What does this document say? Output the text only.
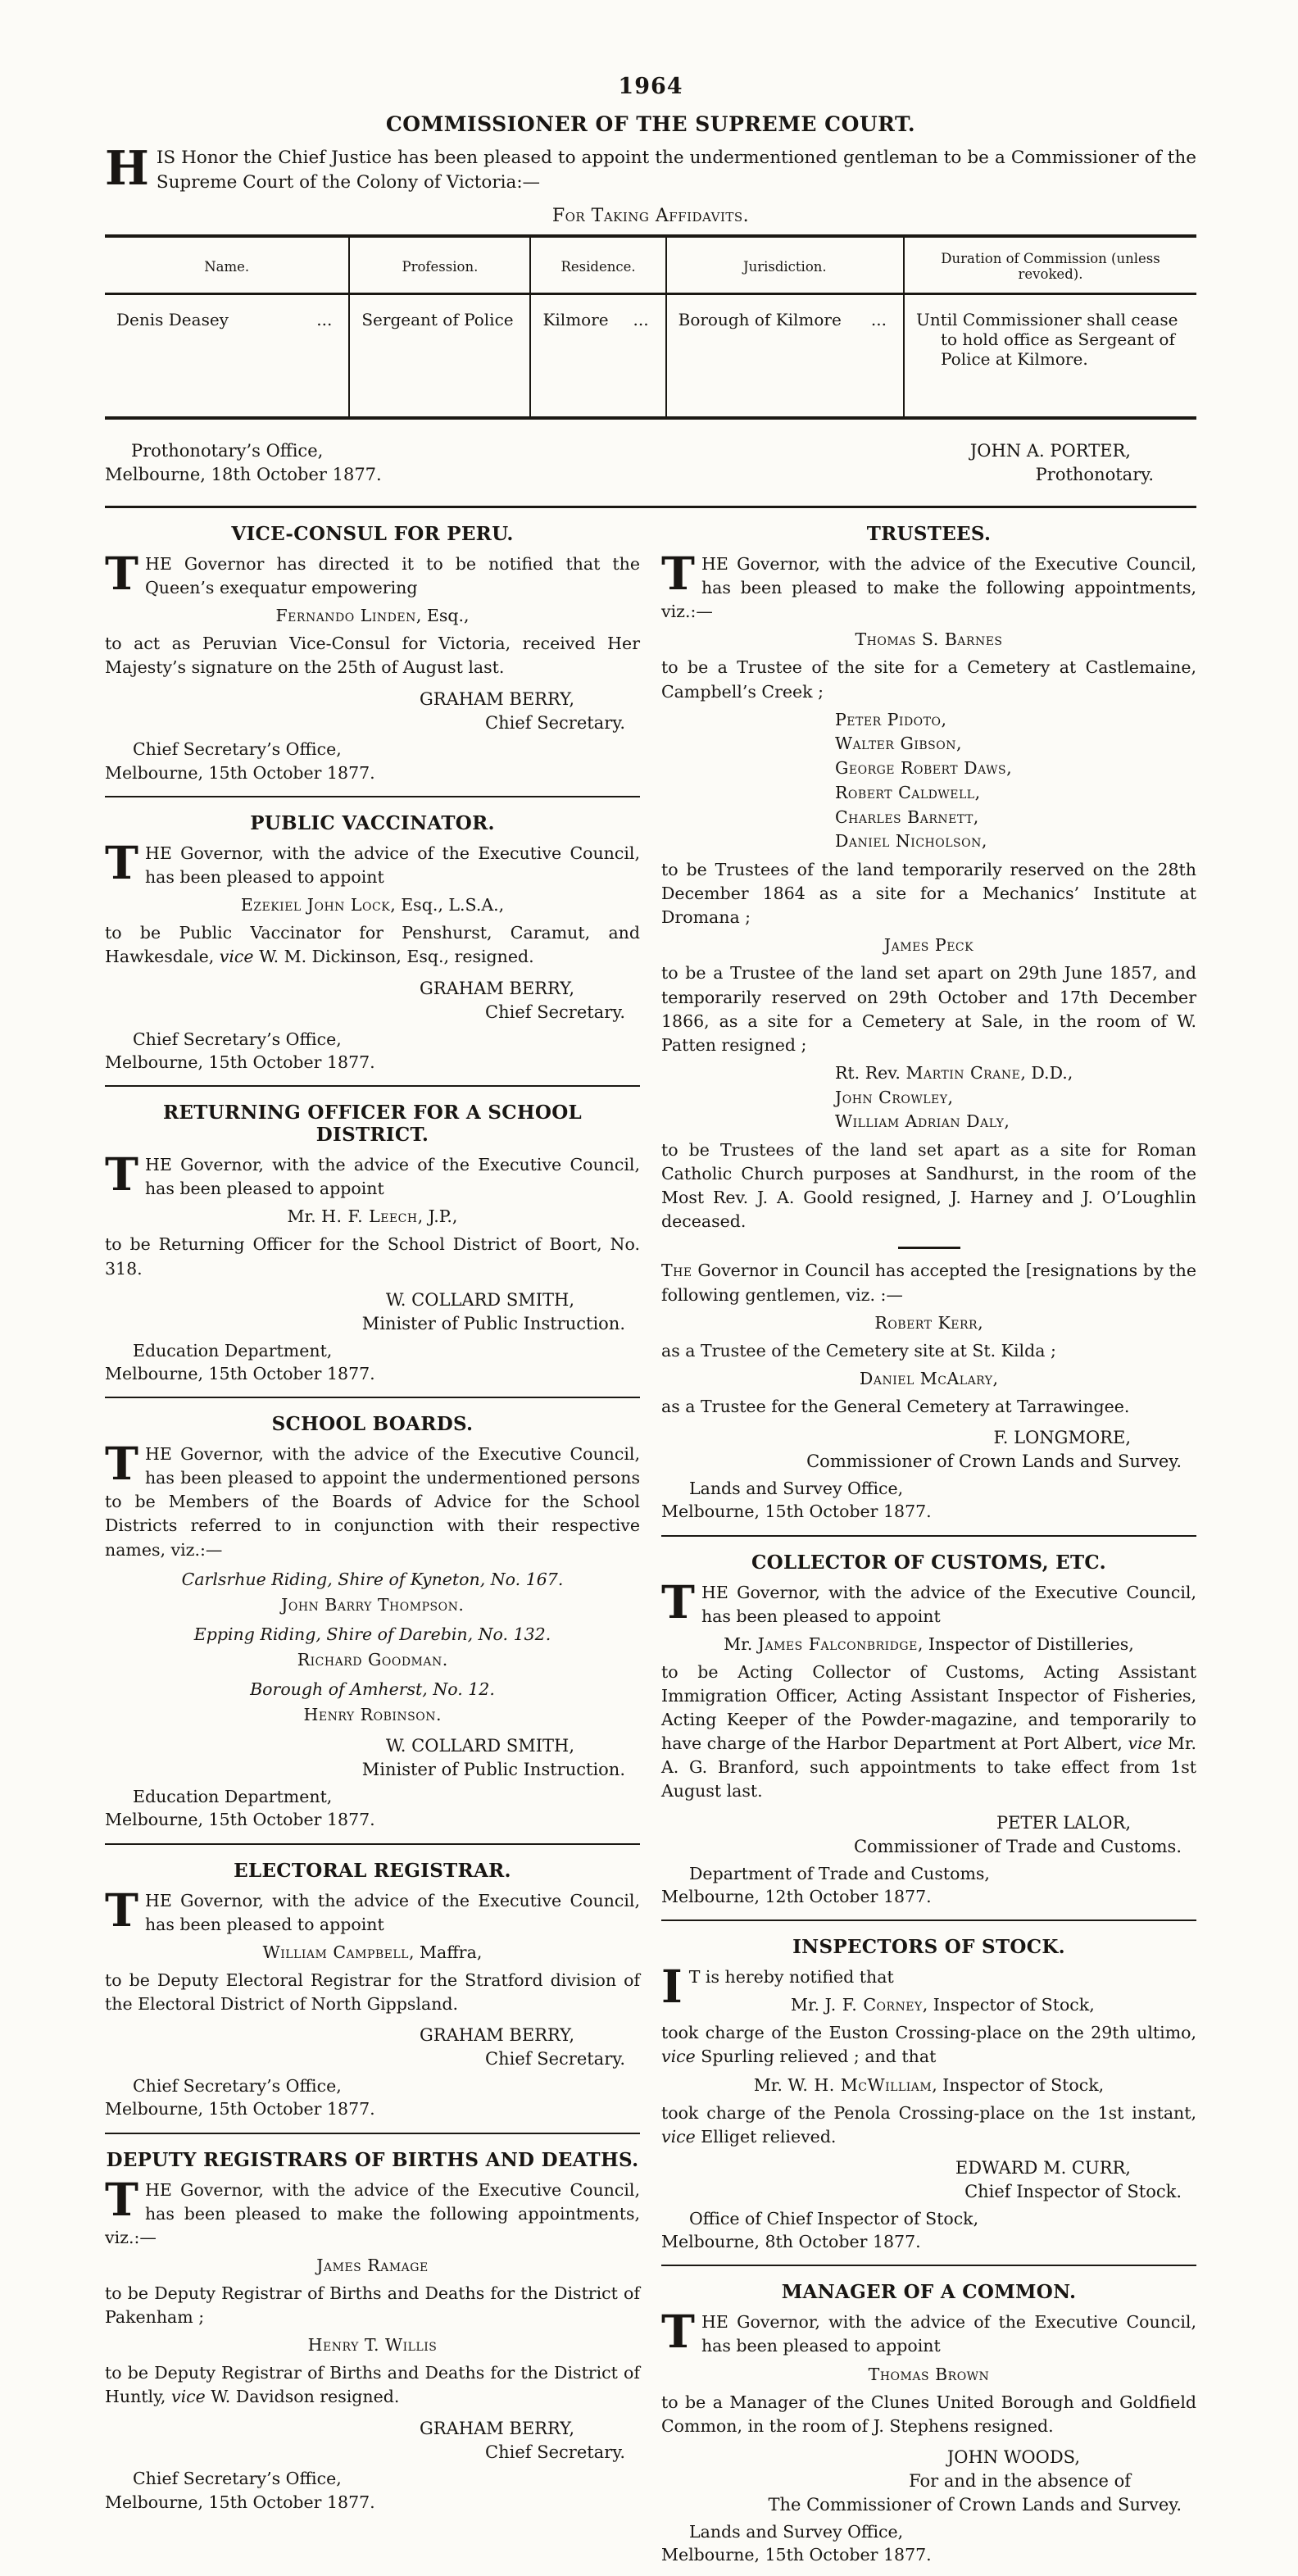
1964
COMMISSIONER OF THE SUPREME COURT.
HIS Honor the Chief Justice has been pleased to appoint the undermentioned gentleman to be a Commissioner of the Supreme Court of the Colony of Victoria:—
For Taking Affidavits.
Name.	Profession.	Residence.	Jurisdiction.	Duration of Commission (unless revoked).

Denis Deasey ...	Sergeant of Police	Kilmore ...	Borough of Kilmore ...	Until Commissioner shall cease to hold office as Sergeant of Police at Kilmore.
Prothonotary’s Office,
Melbourne, 18th October 1877.
JOHN A. PORTER,
Prothonotary.
VICE-CONSUL FOR PERU.
THE Governor has directed it to be notified that the Queen’s exequatur empowering
Fernando Linden, Esq.,
to act as Peruvian Vice-Consul for Victoria, received Her Majesty’s signature on the 25th of August last.
GRAHAM BERRY,
Chief Secretary.
Chief Secretary’s Office,
Melbourne, 15th October 1877.
PUBLIC VACCINATOR.
THE Governor, with the advice of the Executive Council, has been pleased to appoint
Ezekiel John Lock, Esq., L.S.A.,
to be Public Vaccinator for Penshurst, Caramut, and Hawkesdale, vice W. M. Dickinson, Esq., resigned.
GRAHAM BERRY,
Chief Secretary.
Chief Secretary’s Office,
Melbourne, 15th October 1877.
RETURNING OFFICER FOR A SCHOOL DISTRICT.
THE Governor, with the advice of the Executive Council, has been pleased to appoint
Mr. H. F. Leech, J.P.,
to be Returning Officer for the School District of Boort, No. 318.
W. COLLARD SMITH,
Minister of Public Instruction.
Education Department,
Melbourne, 15th October 1877.
SCHOOL BOARDS.
THE Governor, with the advice of the Executive Council, has been pleased to appoint the undermentioned persons to be Members of the Boards of Advice for the School Districts referred to in conjunction with their respective names, viz.:—
Carlsrhue Riding, Shire of Kyneton, No. 167.
John Barry Thompson.
Epping Riding, Shire of Darebin, No. 132.
Richard Goodman.
Borough of Amherst, No. 12.
Henry Robinson.
W. COLLARD SMITH,
Minister of Public Instruction.
Education Department,
Melbourne, 15th October 1877.
ELECTORAL REGISTRAR.
THE Governor, with the advice of the Executive Council, has been pleased to appoint
William Campbell, Maffra,
to be Deputy Electoral Registrar for the Stratford division of the Electoral District of North Gippsland.
GRAHAM BERRY,
Chief Secretary.
Chief Secretary’s Office,
Melbourne, 15th October 1877.
DEPUTY REGISTRARS OF BIRTHS AND DEATHS.
THE Governor, with the advice of the Executive Council, has been pleased to make the following appointments, viz.:—
James Ramage
to be Deputy Registrar of Births and Deaths for the District of Pakenham ;
Henry T. Willis
to be Deputy Registrar of Births and Deaths for the District of Huntly, vice W. Davidson resigned.
GRAHAM BERRY,
Chief Secretary.
Chief Secretary’s Office,
Melbourne, 15th October 1877.
TRUSTEES.
THE Governor, with the advice of the Executive Council, has been pleased to make the following appointments, viz.:—
Thomas S. Barnes
to be a Trustee of the site for a Cemetery at Castlemaine, Campbell’s Creek ;
Peter Pidoto,
Walter Gibson,
George Robert Daws,
Robert Caldwell,
Charles Barnett,
Daniel Nicholson,
to be Trustees of the land temporarily reserved on the 28th December 1864 as a site for a Mechanics’ Institute at Dromana ;
James Peck
to be a Trustee of the land set apart on 29th June 1857, and temporarily reserved on 29th October and 17th December 1866, as a site for a Cemetery at Sale, in the room of W. Patten resigned ;
Rt. Rev. Martin Crane, D.D.,
John Crowley,
William Adrian Daly,
to be Trustees of the land set apart as a site for Roman Catholic Church purposes at Sandhurst, in the room of the Most Rev. J. A. Goold resigned, J. Harney and J. O’Loughlin deceased.
The Governor in Council has accepted the [resignations by the following gentlemen, viz. :—
Robert Kerr,
as a Trustee of the Cemetery site at St. Kilda ;
Daniel McAlary,
as a Trustee for the General Cemetery at Tarrawingee.
F. LONGMORE,
Commissioner of Crown Lands and Survey.
Lands and Survey Office,
Melbourne, 15th October 1877.
COLLECTOR OF CUSTOMS, ETC.
THE Governor, with the advice of the Executive Council, has been pleased to appoint
Mr. James Falconbridge, Inspector of Distilleries,
to be Acting Collector of Customs, Acting Assistant Immigration Officer, Acting Assistant Inspector of Fisheries, Acting Keeper of the Powder-magazine, and temporarily to have charge of the Harbor Department at Port Albert, vice Mr. A. G. Branford, such appointments to take effect from 1st August last.
PETER LALOR,
Commissioner of Trade and Customs.
Department of Trade and Customs,
Melbourne, 12th October 1877.
INSPECTORS OF STOCK.
I T is hereby notified that
Mr. J. F. Corney, Inspector of Stock,
took charge of the Euston Crossing-place on the 29th ultimo, vice Spurling relieved ; and that
Mr. W. H. McWilliam, Inspector of Stock,
took charge of the Penola Crossing-place on the 1st instant, vice Elliget relieved.
EDWARD M. CURR,
Chief Inspector of Stock.
Office of Chief Inspector of Stock,
Melbourne, 8th October 1877.
MANAGER OF A COMMON.
THE Governor, with the advice of the Executive Council, has been pleased to appoint
Thomas Brown
to be a Manager of the Clunes United Borough and Goldfield Common, in the room of J. Stephens resigned.
JOHN WOODS,
For and in the absence of
The Commissioner of Crown Lands and Survey.
Lands and Survey Office,
Melbourne, 15th October 1877.
